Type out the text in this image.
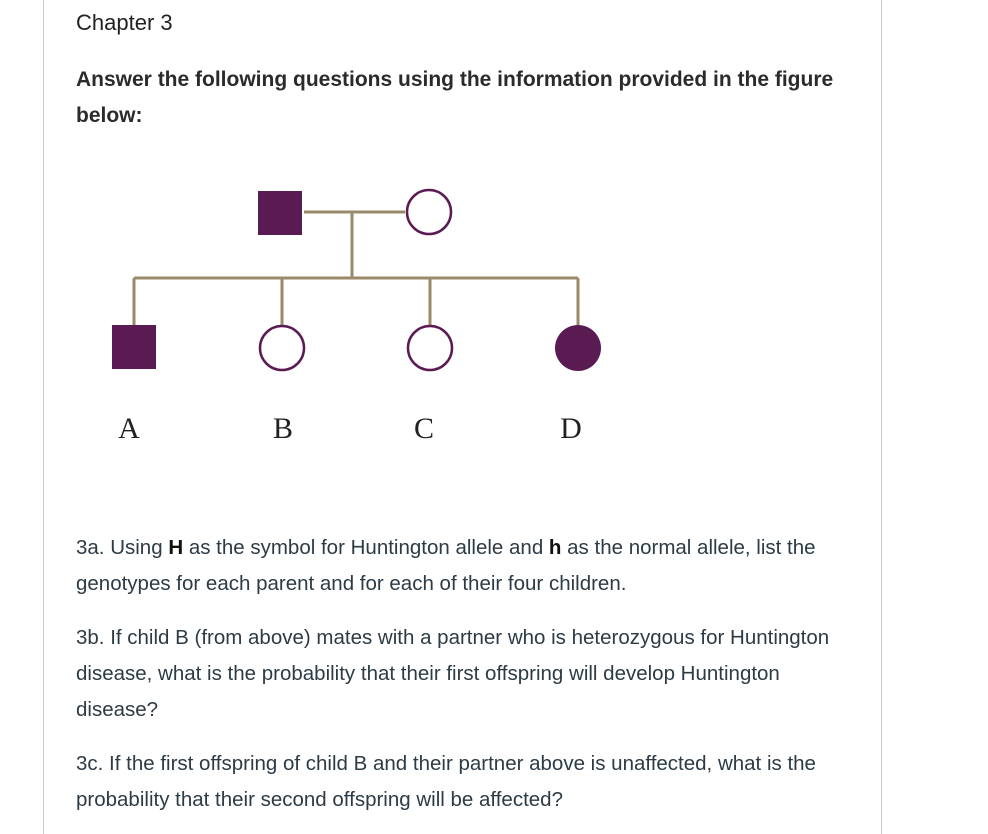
Chapter 3

Answer the following questions using the information provided in the figure below:

A	B	C	D

3a. Using H as the symbol for Huntington allele and h as the normal allele, list the genotypes for each parent and for each of their four children.

3b. If child B (from above) mates with a partner who is heterozygous for Huntington disease, what is the probability that their first offspring will develop Huntington disease?

3c. If the first offspring of child B and their partner above is unaffected, what is the probability that their second offspring will be affected?
